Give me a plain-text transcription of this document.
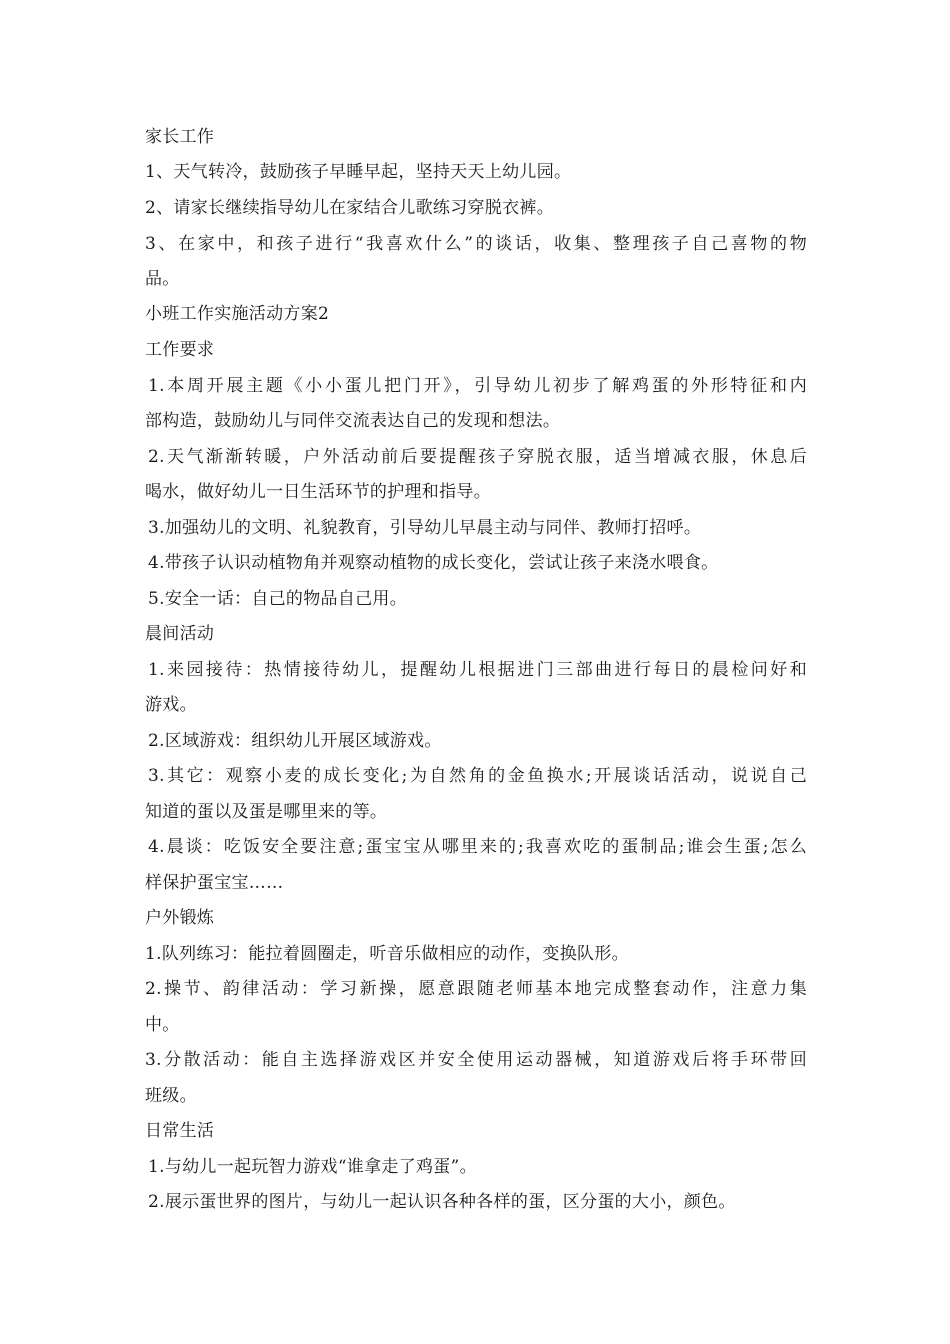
家长工作
1、天气转冷，鼓励孩子早睡早起，坚持天天上幼儿园。
2、请家长继续指导幼儿在家结合儿歌练习穿脱衣裤。
3、在家中，和孩子进行“我喜欢什么”的谈话，收集、整理孩子自己喜物的物
品。
小班工作实施活动方案2
工作要求
1.本周开展主题《小小蛋儿把门开》，引导幼儿初步了解鸡蛋的外形特征和内
部构造，鼓励幼儿与同伴交流表达自己的发现和想法。
2.天气渐渐转暖，户外活动前后要提醒孩子穿脱衣服，适当增减衣服，休息后
喝水，做好幼儿一日生活环节的护理和指导。
3.加强幼儿的文明、礼貌教育，引导幼儿早晨主动与同伴、教师打招呼。
4.带孩子认识动植物角并观察动植物的成长变化，尝试让孩子来浇水喂食。
5.安全一话：自己的物品自己用。
晨间活动
1.来园接待：热情接待幼儿，提醒幼儿根据进门三部曲进行每日的晨检问好和
游戏。
2.区域游戏：组织幼儿开展区域游戏。
3.其它：观察小麦的成长变化;为自然角的金鱼换水;开展谈话活动，说说自己
知道的蛋以及蛋是哪里来的等。
4.晨谈：吃饭安全要注意;蛋宝宝从哪里来的;我喜欢吃的蛋制品;谁会生蛋;怎么
样保护蛋宝宝……
户外锻炼
1.队列练习：能拉着圆圈走，听音乐做相应的动作，变换队形。
2.操节、韵律活动：学习新操，愿意跟随老师基本地完成整套动作，注意力集
中。
3.分散活动：能自主选择游戏区并安全使用运动器械，知道游戏后将手环带回
班级。
日常生活
1.与幼儿一起玩智力游戏“谁拿走了鸡蛋”。
2.展示蛋世界的图片，与幼儿一起认识各种各样的蛋，区分蛋的大小，颜色。
